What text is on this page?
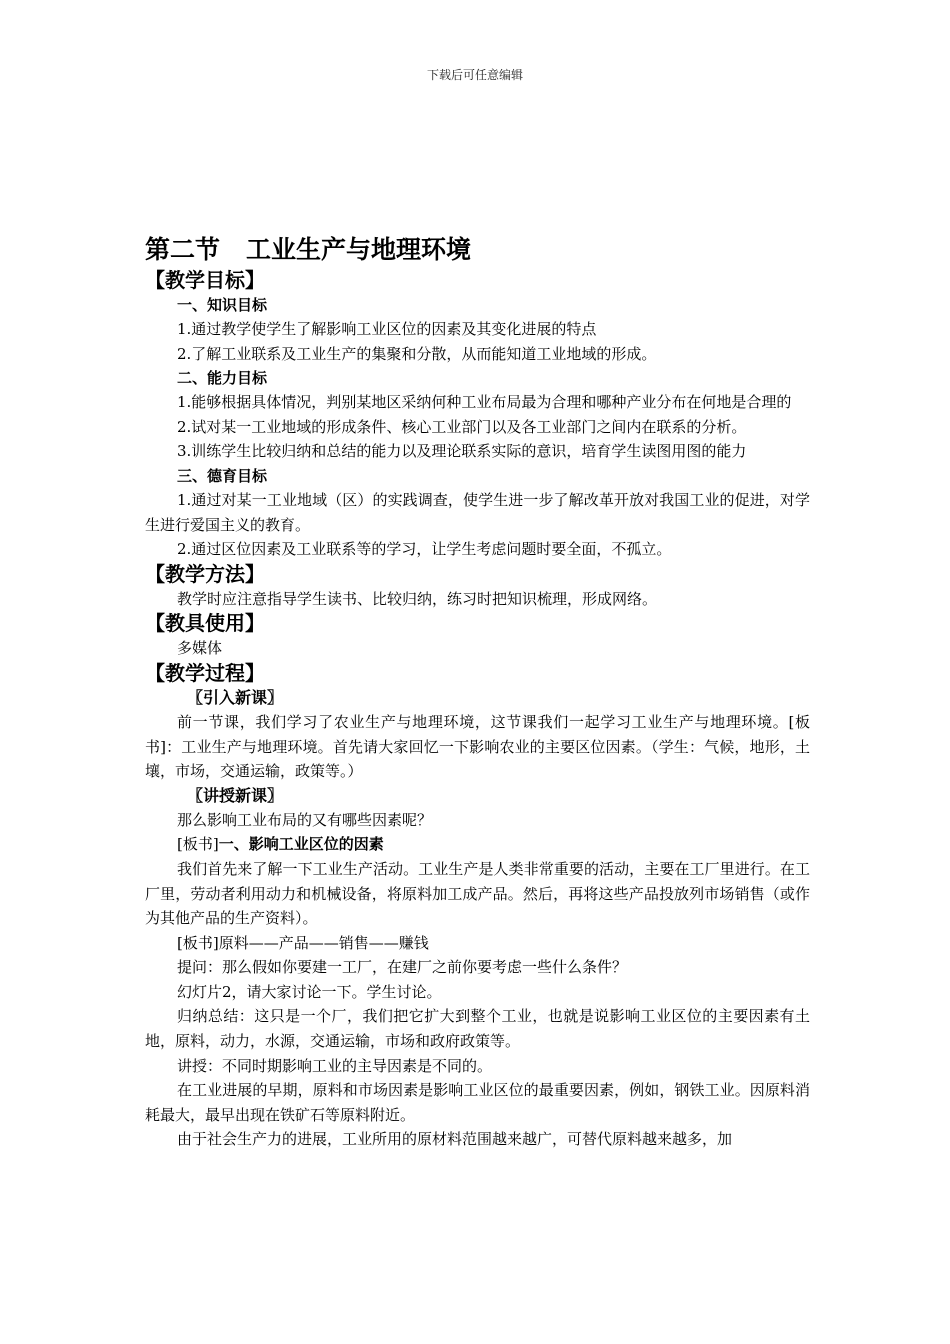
下载后可任意编辑
第二节 工业生产与地理环境
【教学目标】
一、知识目标

1.通过教学使学生了解影响工业区位的因素及其变化进展的特点

2.了解工业联系及工业生产的集聚和分散，从而能知道工业地域的形成。

二、能力目标

1.能够根据具体情况，判别某地区采纳何种工业布局最为合理和哪种产业分布在何地是合理的

2.试对某一工业地域的形成条件、核心工业部门以及各工业部门之间内在联系的分析。

3.训练学生比较归纳和总结的能力以及理论联系实际的意识，培育学生读图用图的能力

三、德育目标

1.通过对某一工业地域（区）的实践调查，使学生进一步了解改革开放对我国工业的促进，对学生进行爱国主义的教育。

2.通过区位因素及工业联系等的学习，让学生考虑问题时要全面，不孤立。

【教学方法】

教学时应注意指导学生读书、比较归纳，练习时把知识梳理，形成网络。

【教具使用】

多媒体

【教学过程】
〖引入新课〗

前一节课，我们学习了农业生产与地理环境，这节课我们一起学习工业生产与地理环境。[板书]：工业生产与地理环境。首先请大家回忆一下影响农业的主要区位因素。（学生：气候，地形，土壤，市场，交通运输，政策等。）

〖讲授新课〗

那么影响工业布局的又有哪些因素呢？

[板书]一、影响工业区位的因素

我们首先来了解一下工业生产活动。工业生产是人类非常重要的活动，主要在工厂里进行。在工厂里，劳动者利用动力和机械设备，将原料加工成产品。然后，再将这些产品投放列市场销售（或作为其他产品的生产资料）。

[板书]原料——产品——销售——赚钱

提问：那么假如你要建一工厂，在建厂之前你要考虑一些什么条件？

幻灯片2，请大家讨论一下。学生讨论。

归纳总结：这只是一个厂，我们把它扩大到整个工业，也就是说影响工业区位的主要因素有土地，原料，动力，水源，交通运输，市场和政府政策等。

讲授：不同时期影响工业的主导因素是不同的。

在工业进展的早期，原料和市场因素是影响工业区位的最重要因素，例如，钢铁工业。因原料消耗最大，最早出现在铁矿石等原料附近。

由于社会生产力的进展，工业所用的原材料范围越来越广，可替代原料越来越多，加
